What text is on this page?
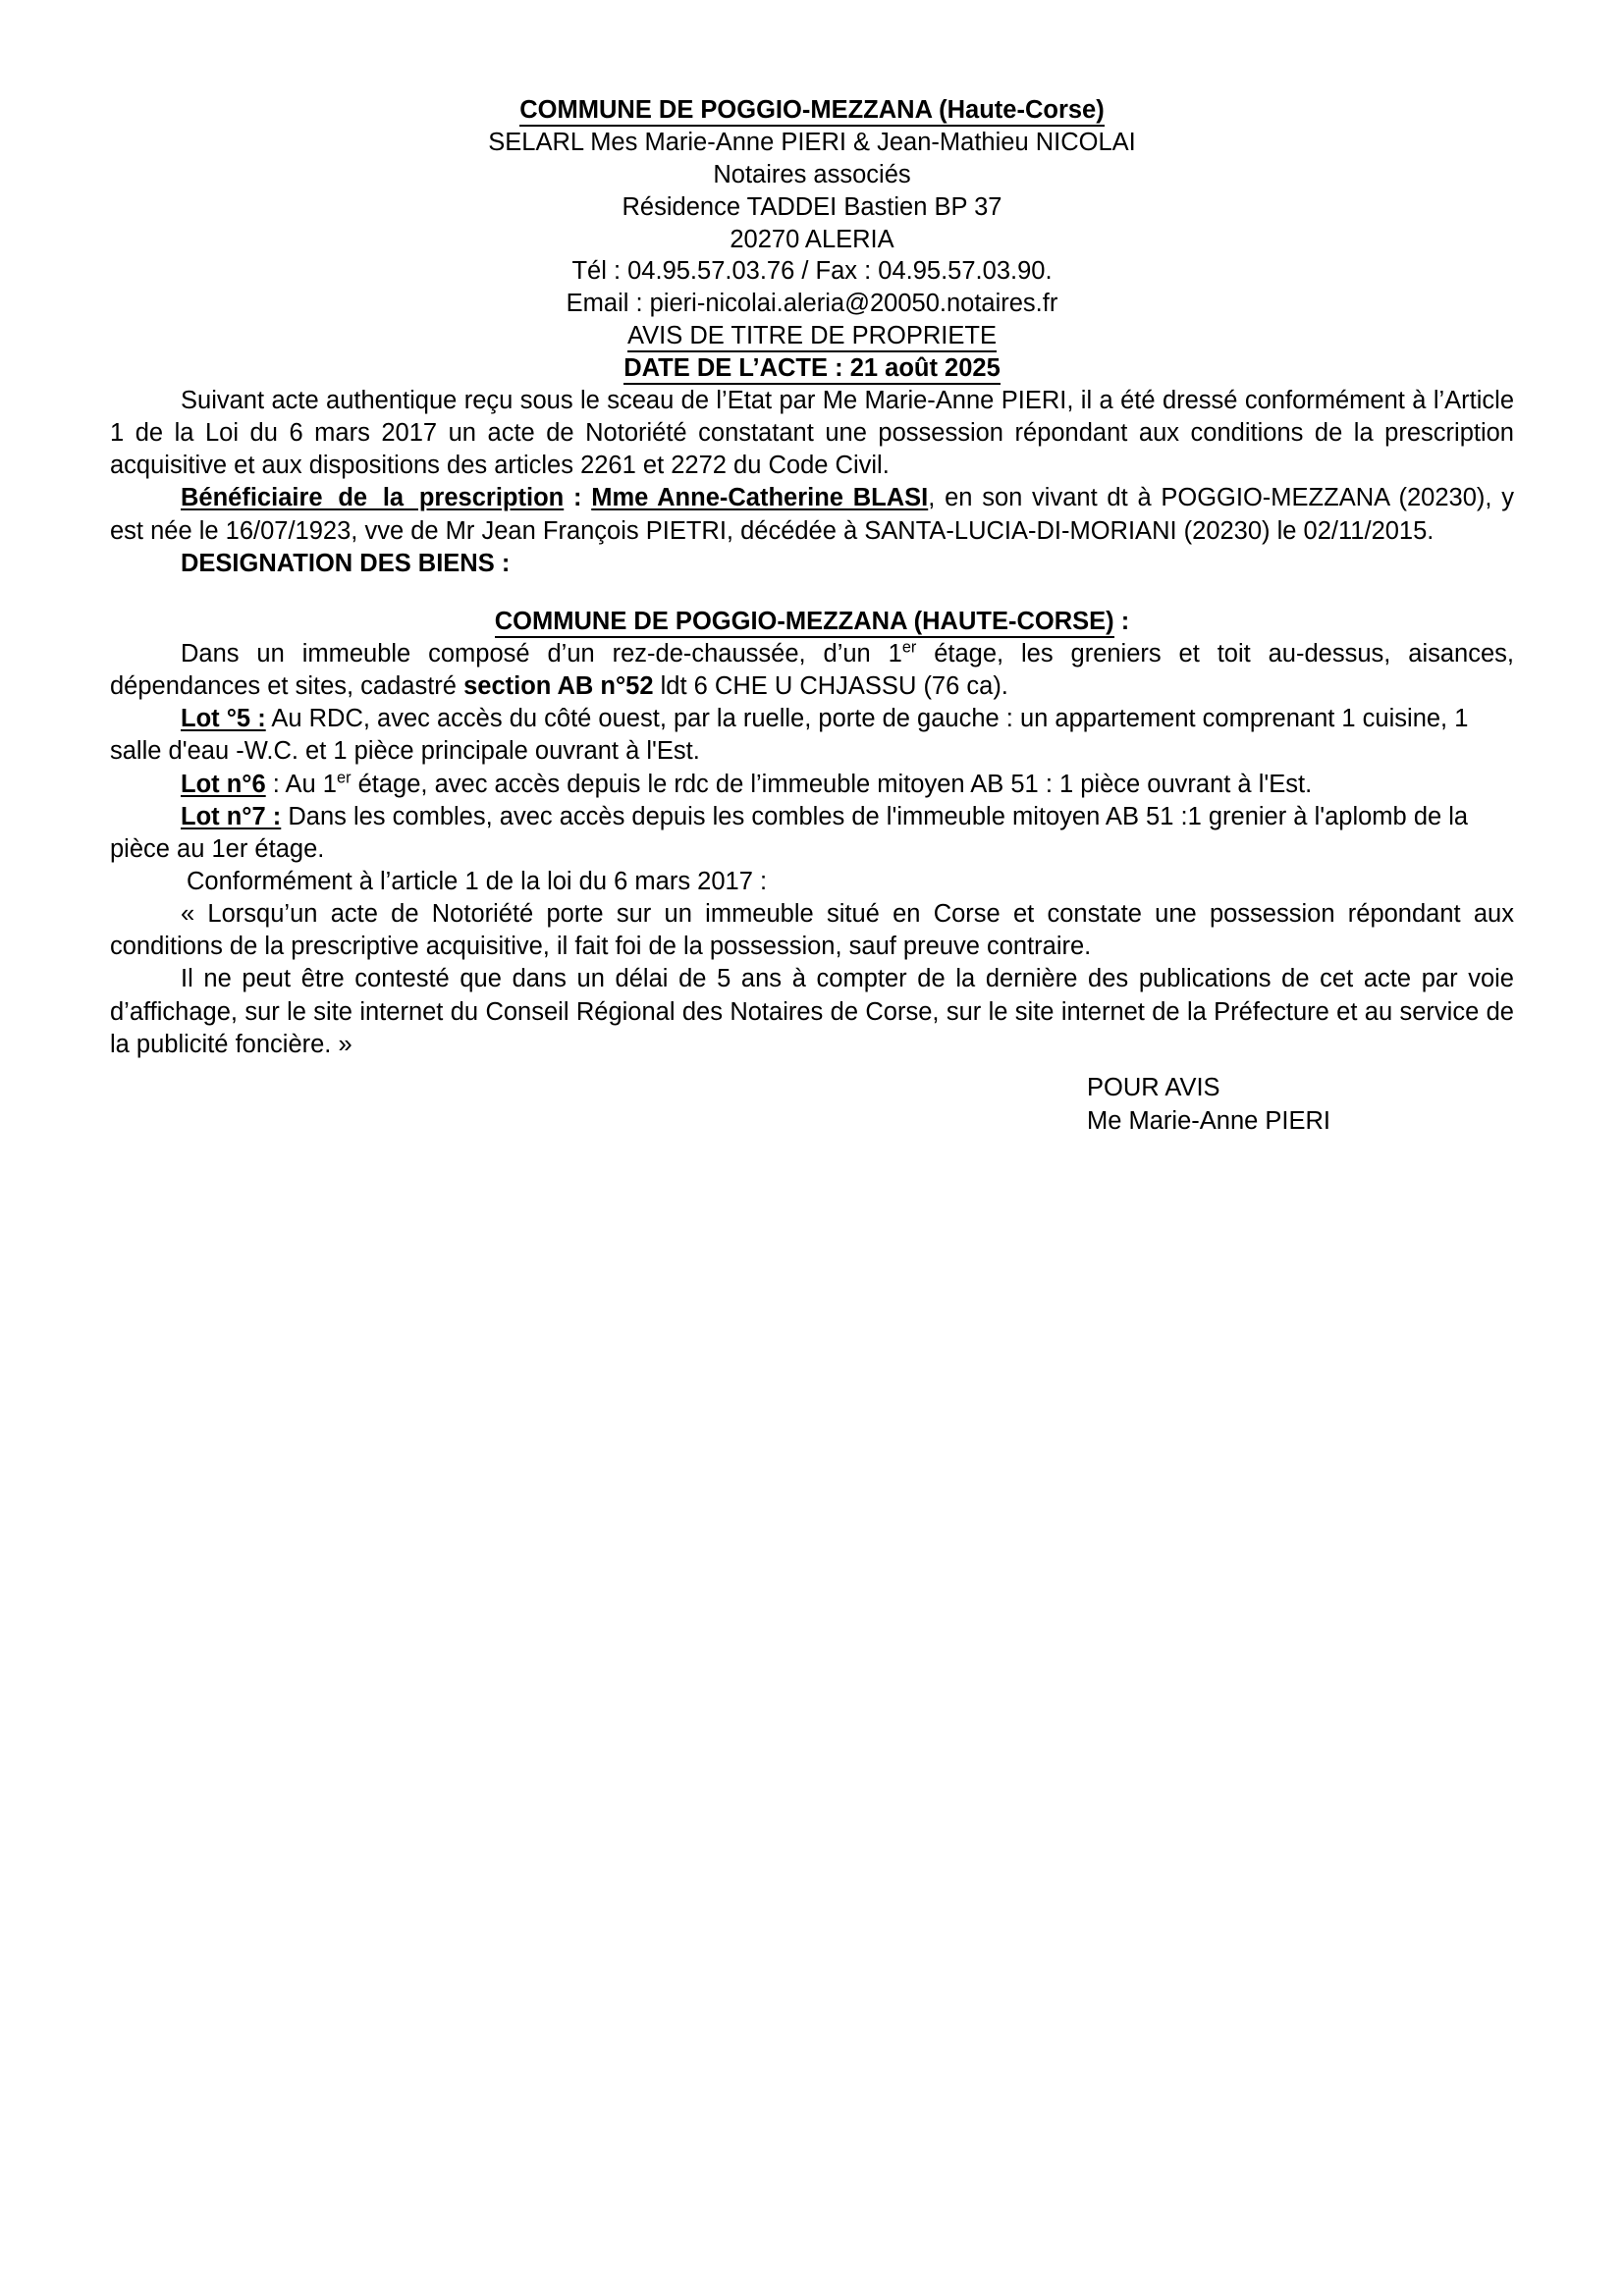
COMMUNE DE POGGIO-MEZZANA (Haute-Corse)
SELARL Mes Marie-Anne PIERI & Jean-Mathieu NICOLAI
Notaires associés
Résidence TADDEI Bastien BP 37
20270 ALERIA
Tél : 04.95.57.03.76 / Fax : 04.95.57.03.90.
Email : pieri-nicolai.aleria@20050.notaires.fr
AVIS DE TITRE DE PROPRIETE
DATE DE L’ACTE : 21 août 2025

Suivant acte authentique reçu sous le sceau de l’Etat par Me Marie-Anne PIERI, il a été dressé conformément à l’Article 1 de la Loi du 6 mars 2017 un acte de Notoriété constatant une possession répondant aux conditions de la prescription acquisitive et aux dispositions des articles 2261 et 2272 du Code Civil.

Bénéficiaire de la prescription : Mme Anne-Catherine BLASI, en son vivant dt à POGGIO-MEZZANA (20230), y est née le 16/07/1923, vve de Mr Jean François PIETRI, décédée à SANTA-LUCIA-DI-MORIANI (20230) le 02/11/2015.

DESIGNATION DES BIENS :

COMMUNE DE POGGIO-MEZZANA (HAUTE-CORSE) :

Dans un immeuble composé d’un rez-de-chaussée, d’un 1er étage, les greniers et toit au-dessus, aisances, dépendances et sites, cadastré section AB n°52 ldt 6 CHE U CHJASSU (76 ca).

Lot °5 : Au RDC, avec accès du côté ouest, par la ruelle, porte de gauche : un appartement comprenant 1 cuisine, 1 salle d'eau -W.C. et 1 pièce principale ouvrant à l'Est.

Lot n°6 : Au 1er étage, avec accès depuis le rdc de l’immeuble mitoyen AB 51 : 1 pièce ouvrant à l'Est.

Lot n°7 : Dans les combles, avec accès depuis les combles de l'immeuble mitoyen AB 51 :1 grenier à l'aplomb de la pièce au 1er étage.

Conformément à l’article 1 de la loi du 6 mars 2017 :

« Lorsqu’un acte de Notoriété porte sur un immeuble situé en Corse et constate une possession répondant aux conditions de la prescriptive acquisitive, il fait foi de la possession, sauf preuve contraire.

Il ne peut être contesté que dans un délai de 5 ans à compter de la dernière des publications de cet acte par voie d’affichage, sur le site internet du Conseil Régional des Notaires de Corse, sur le site internet de la Préfecture et au service de la publicité foncière. »

POUR AVIS
Me Marie-Anne PIERI
